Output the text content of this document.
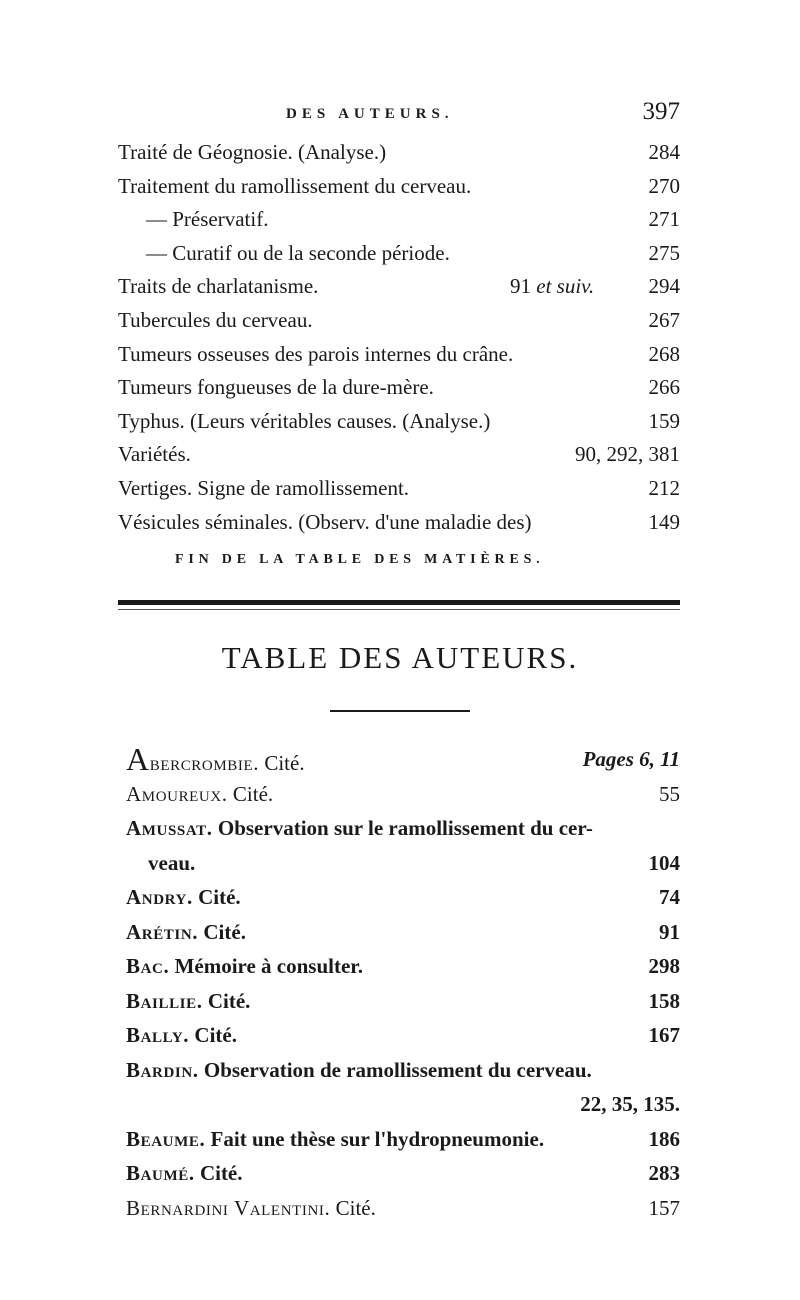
DES AUTEURS.	397
Traité de Géognosie. (Analyse.)	284
Traitement du ramollissement du cerveau.	270
— Préservatif.	271
— Curatif ou de la seconde période.	275
Traits de charlatanisme.	91 et suiv.	294
Tubercules du cerveau.	267
Tumeurs osseuses des parois internes du crâne.	268
Tumeurs fongueuses de la dure-mère.	266
Typhus. (Leurs véritables causes. (Analyse.)	159
Variétés.	90, 292, 381
Vertiges. Signe de ramollissement.	212
Vésicules séminales. (Observ. d'une maladie des)	149
FIN DE LA TABLE DES MATIÈRES.
TABLE DES AUTEURS.
Abercrombie. Cité.	Pages 6, 11
Amoureux. Cité.	55
Amussat. Observation sur le ramollissement du cer-
veau.	104
Andry. Cité.	74
Arétin. Cité.	91
Bac. Mémoire à consulter.	298
Baillie. Cité.	158
Bally. Cité.	167
Bardin. Observation de ramollissement du cerveau.
22, 35, 135.
Beaume. Fait une thèse sur l'hydropneumonie.	186
Baumé. Cité.	283
Bernardini Valentini. Cité.	157
